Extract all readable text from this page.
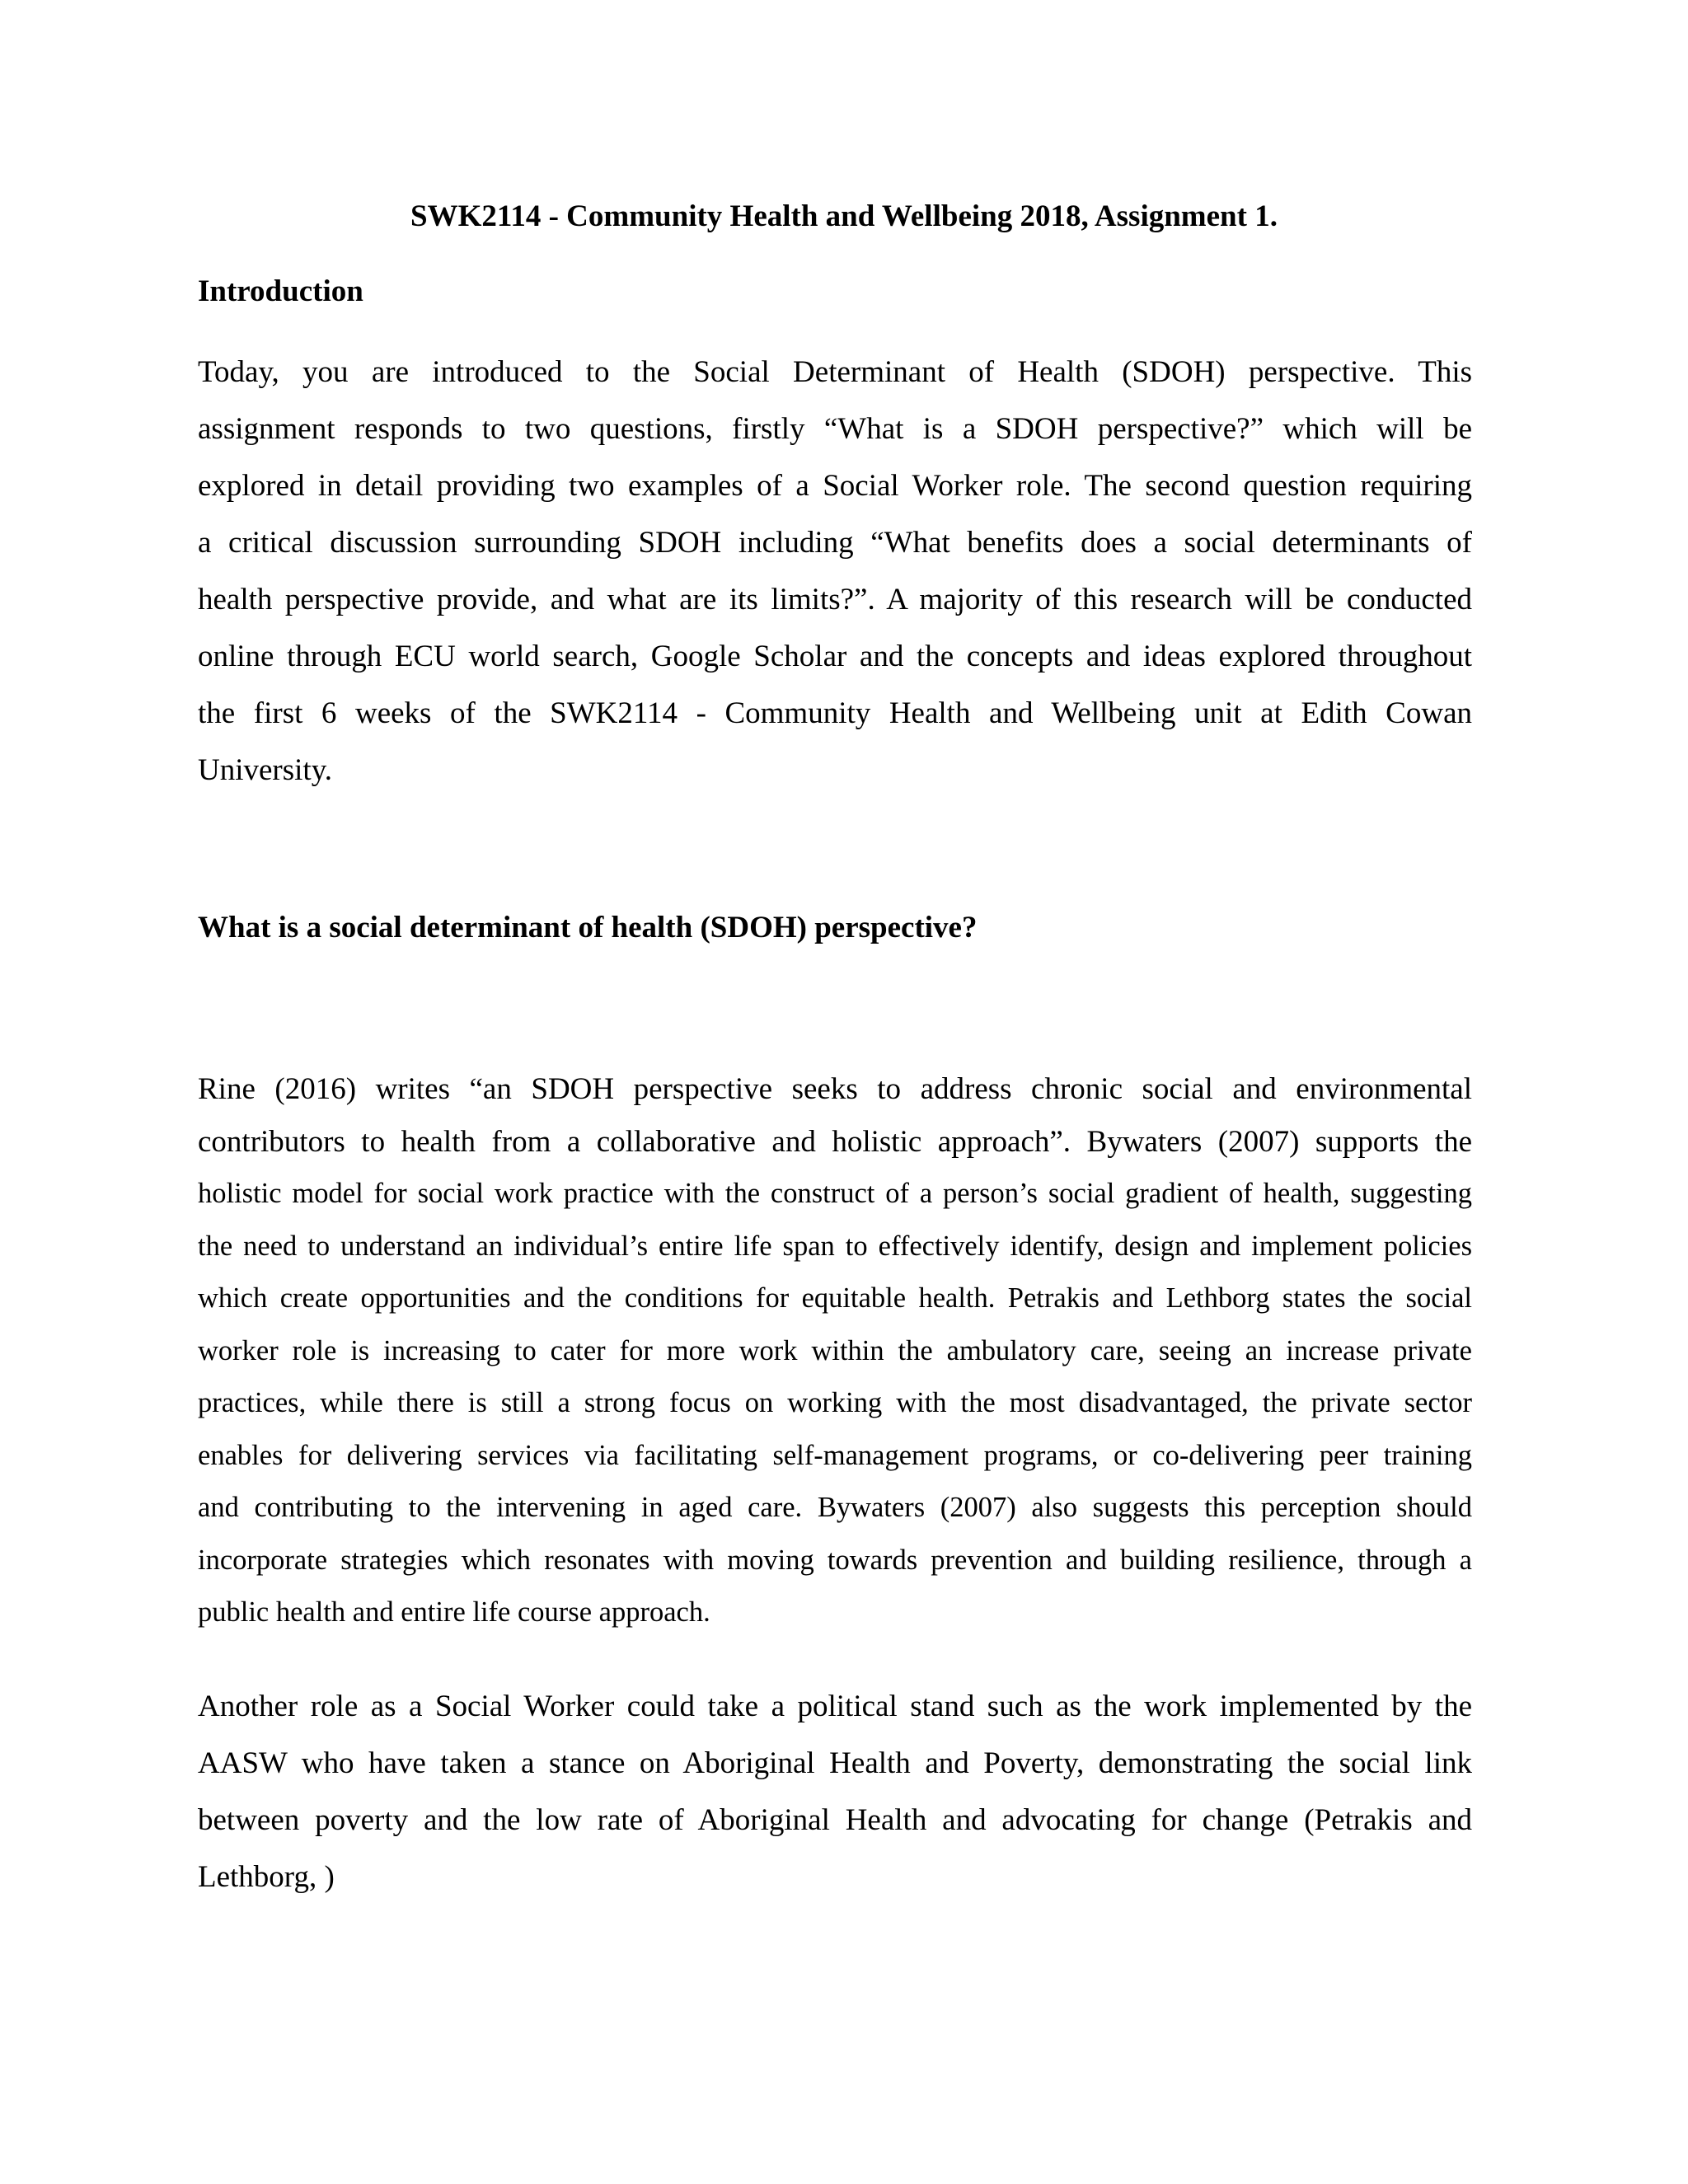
SWK2114 - Community Health and Wellbeing 2018, Assignment 1.
Introduction
Today, you are introduced to the Social Determinant of Health (SDOH) perspective. This
assignment responds to two questions, firstly “What is a SDOH perspective?” which will be
explored in detail providing two examples of a Social Worker role. The second question requiring
a critical discussion surrounding SDOH including “What benefits does a social determinants of
health perspective provide, and what are its limits?”. A majority of this research will be conducted
online through ECU world search, Google Scholar and the concepts and ideas explored throughout
the first 6 weeks of the SWK2114 - Community Health and Wellbeing unit at Edith Cowan
University.
What is a social determinant of health (SDOH) perspective?
Rine (2016) writes “an SDOH perspective seeks to address chronic social and environmental
contributors to health from a collaborative and holistic approach”. Bywaters (2007) supports the
holistic model for social work practice with the construct of a person’s social gradient of health, suggesting
the need to understand an individual’s entire life span to effectively identify, design and implement policies
which create opportunities and the conditions for equitable health. Petrakis and Lethborg states the social
worker role is increasing to cater for more work within the ambulatory care, seeing an increase private
practices, while there is still a strong focus on working with the most disadvantaged, the private sector
enables for delivering services via facilitating self-management programs, or co-delivering peer training
and contributing to the intervening in aged care. Bywaters (2007) also suggests this perception should
incorporate strategies which resonates with moving towards prevention and building resilience, through a
public health and entire life course approach.
Another role as a Social Worker could take a political stand such as the work implemented by the
AASW who have taken a stance on Aboriginal Health and Poverty, demonstrating the social link
between poverty and the low rate of Aboriginal Health and advocating for change (Petrakis and
Lethborg, )
